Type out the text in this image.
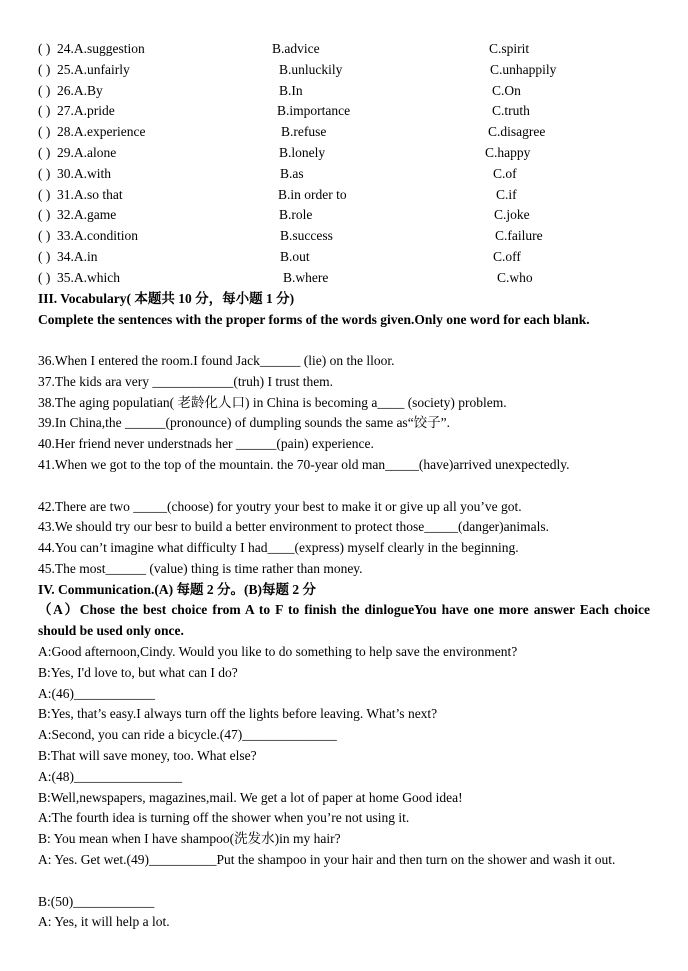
( ) 24.A.suggestion	B.advice	C.spirit
( ) 25.A.unfairly	B.unluckily	C.unhappily
( ) 26.A.By	B.In	C.On
( ) 27.A.pride	B.importance	C.truth
( ) 28.A.experience	B.refuse	C.disagree
( ) 29.A.alone	B.lonely	C.happy
( ) 30.A.with	B.as	C.of
( ) 31.A.so that	B.in order to	C.if
( ) 32.A.game	B.role	C.joke
( ) 33.A.condition	B.success	C.failure
( ) 34.A.in	B.out	C.off
( ) 35.A.which	B.where	C.who
III. Vocabulary( 本题共 10 分，每小题 1 分)
Complete the sentences with the proper forms of the words given.Only one word for each blank.
36.When I entered the room.I found Jack______ (lie) on the lloor.
37.The kids ara very ____________(truh) I trust them.
38.The aging populatian( 老龄化人口) in China is becoming a____ (society) problem.
39.In China,the ______(pronounce) of dumpling sounds the same as“饺子”.
40.Her friend never understnads her ______(pain) experience.
41.When we got to the top of the mountain. the 70-year old man_____(have)arrived unexpectedly.
42.There are two _____(choose) for youtry your best to make it or give up all you’ve got.
43.We should try our besr to build a better environment to protect those_____(danger)animals.
44.You can’t imagine what difficulty I had____(express) myself clearly in the beginning.
45.The most______ (value) thing is time rather than money.
IV. Communication.(A) 每题 2 分。(B)每题 2 分
（A）Chose the best choice from A to F to finish the dinlogueYou have one more answer Each choice should be used only once.
A:Good afternoon,Cindy. Would you like to do something to help save the environment?
B:Yes, I'd love to, but what can I do?
A:(46)____________
B:Yes, that’s easy.I always turn off the lights before leaving. What’s next?
A:Second, you can ride a bicycle.(47)______________
B:That will save money, too. What else?
A:(48)________________
B:Well,newspapers, magazines,mail. We get a lot of paper at home Good idea!
A:The fourth idea is turning off the shower when you’re not using it.
B: You mean when I have shampoo(洗发水)in my hair?
A: Yes. Get wet.(49)__________Put the shampoo in your hair and then turn on the shower and wash it out.
B:(50)____________
A: Yes, it will help a lot.
